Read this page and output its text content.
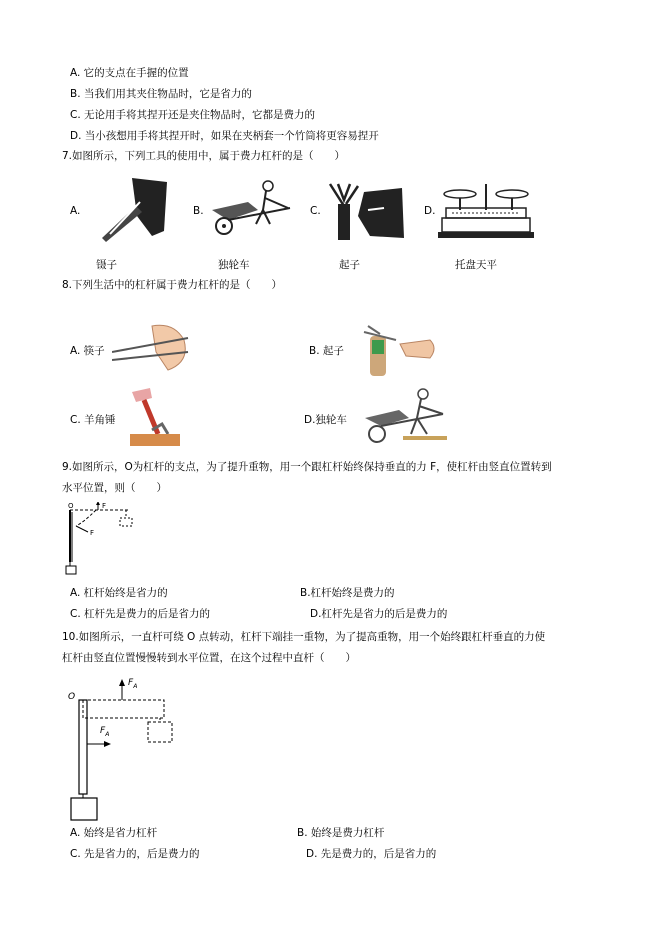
A. 它的支点在手握的位置
B. 当我们用其夹住物品时，它是省力的
C. 无论用手将其捏开还是夹住物品时，它都是费力的
D. 当小孩想用手将其捏开时，如果在夹柄套一个竹筒将更容易捏开
7.如图所示，下列工具的使用中，属于费力杠杆的是（　　）
A.	B.	C.	D.
镊子	独轮车	起子	托盘天平
8.下列生活中的杠杆属于费力杠杆的是（　　）
A. 筷子	B. 起子
C. 羊角锤	D.独轮车
9.如图所示，O为杠杆的支点，为了提升重物，用一个跟杠杆始终保持垂直的力 F，使杠杆由竖直位置转到
水平位置，则（　　）
O	F
F
A. 杠杆始终是省力的	B.杠杆始终是费力的
C. 杠杆先是费力的后是省力的	D.杠杆先是省力的后是费力的
10.如图所示，一直杆可绕 O 点转动，杠杆下端挂一重物，为了提高重物，用一个始终跟杠杆垂直的力使
杠杆由竖直位置慢慢转到水平位置，在这个过程中直杆（　　）
O
$F_A$
$F_A$
A. 始终是省力杠杆	B. 始终是费力杠杆
C. 先是省力的，后是费力的	D. 先是费力的，后是省力的
